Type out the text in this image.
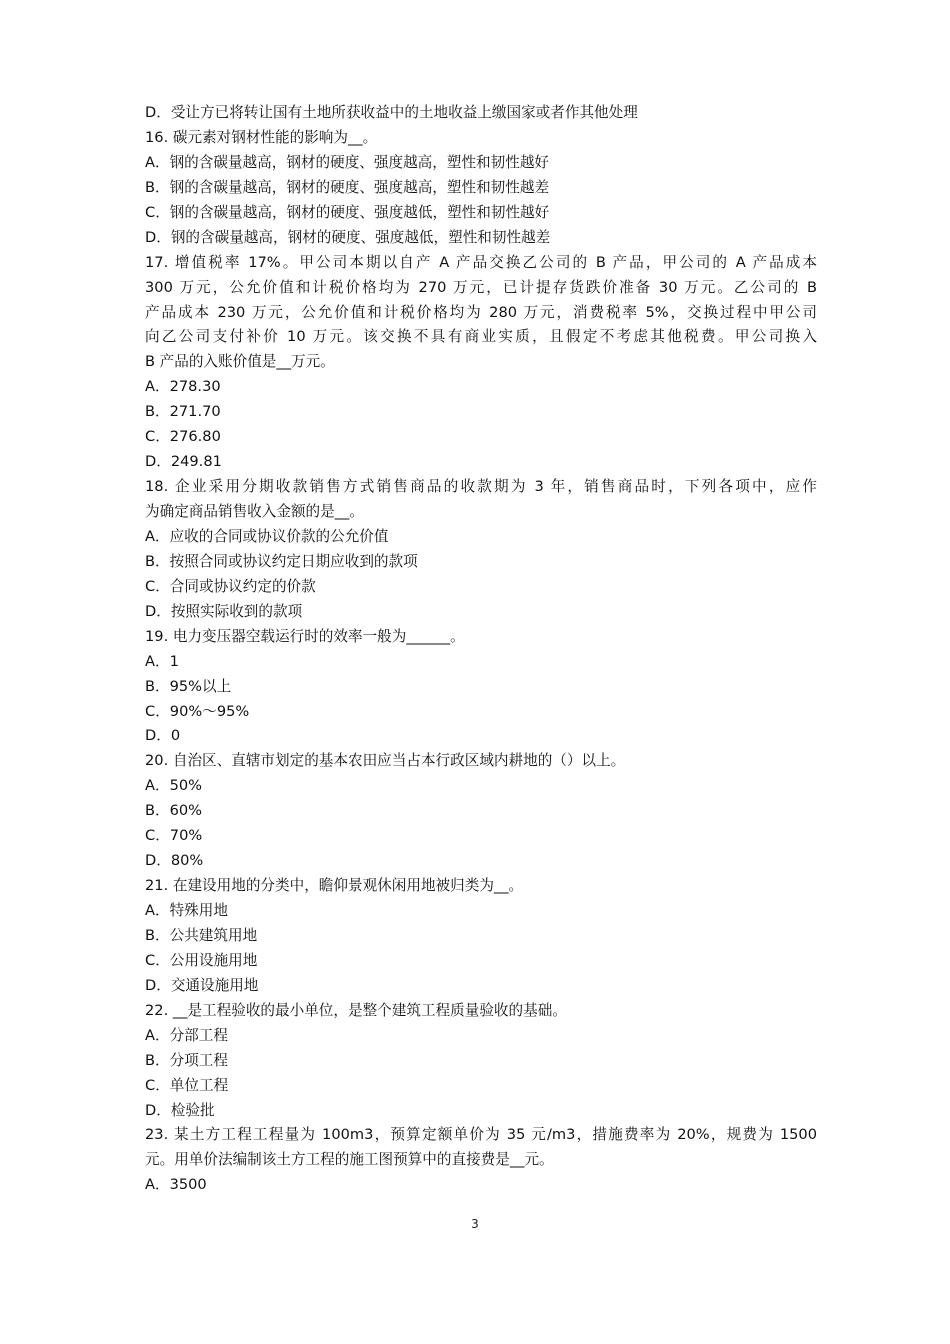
D．受让方已将转让国有土地所获收益中的土地收益上缴国家或者作其他处理
16. 碳元素对钢材性能的影响为__。
A．钢的含碳量越高，钢材的硬度、强度越高，塑性和韧性越好
B．钢的含碳量越高，钢材的硬度、强度越高，塑性和韧性越差
C．钢的含碳量越高，钢材的硬度、强度越低，塑性和韧性越好
D．钢的含碳量越高，钢材的硬度、强度越低，塑性和韧性越差
17. 增值税率 17%。甲公司本期以自产 A 产品交换乙公司的 B 产品，甲公司的 A 产品成本
300 万元，公允价值和计税价格均为 270 万元，已计提存货跌价准备 30 万元。乙公司的 B
产品成本 230 万元，公允价值和计税价格均为 280 万元，消费税率 5%，交换过程中甲公司
向乙公司支付补价 10 万元。该交换不具有商业实质，且假定不考虑其他税费。甲公司换入
B 产品的入账价值是__万元。
A．278.30
B．271.70
C．276.80
D．249.81
18. 企业采用分期收款销售方式销售商品的收款期为 3 年，销售商品时，下列各项中，应作
为确定商品销售收入金额的是__。
A．应收的合同或协议价款的公允价值
B．按照合同或协议约定日期应收到的款项
C．合同或协议约定的价款
D．按照实际收到的款项
19. 电力变压器空载运行时的效率一般为______。
A．1
B．95%以上
C．90%～95%
D．0
20. 自治区、直辖市划定的基本农田应当占本行政区域内耕地的（）以上。
A．50%
B．60%
C．70%
D．80%
21. 在建设用地的分类中，瞻仰景观休闲用地被归类为__。
A．特殊用地
B．公共建筑用地
C．公用设施用地
D．交通设施用地
22. __是工程验收的最小单位，是整个建筑工程质量验收的基础。
A．分部工程
B．分项工程
C．单位工程
D．检验批
23. 某土方工程工程量为 100m3，预算定额单价为 35 元/m3，措施费率为 20%，规费为 1500
元。用单价法编制该土方工程的施工图预算中的直接费是__元。
A．3500
3
